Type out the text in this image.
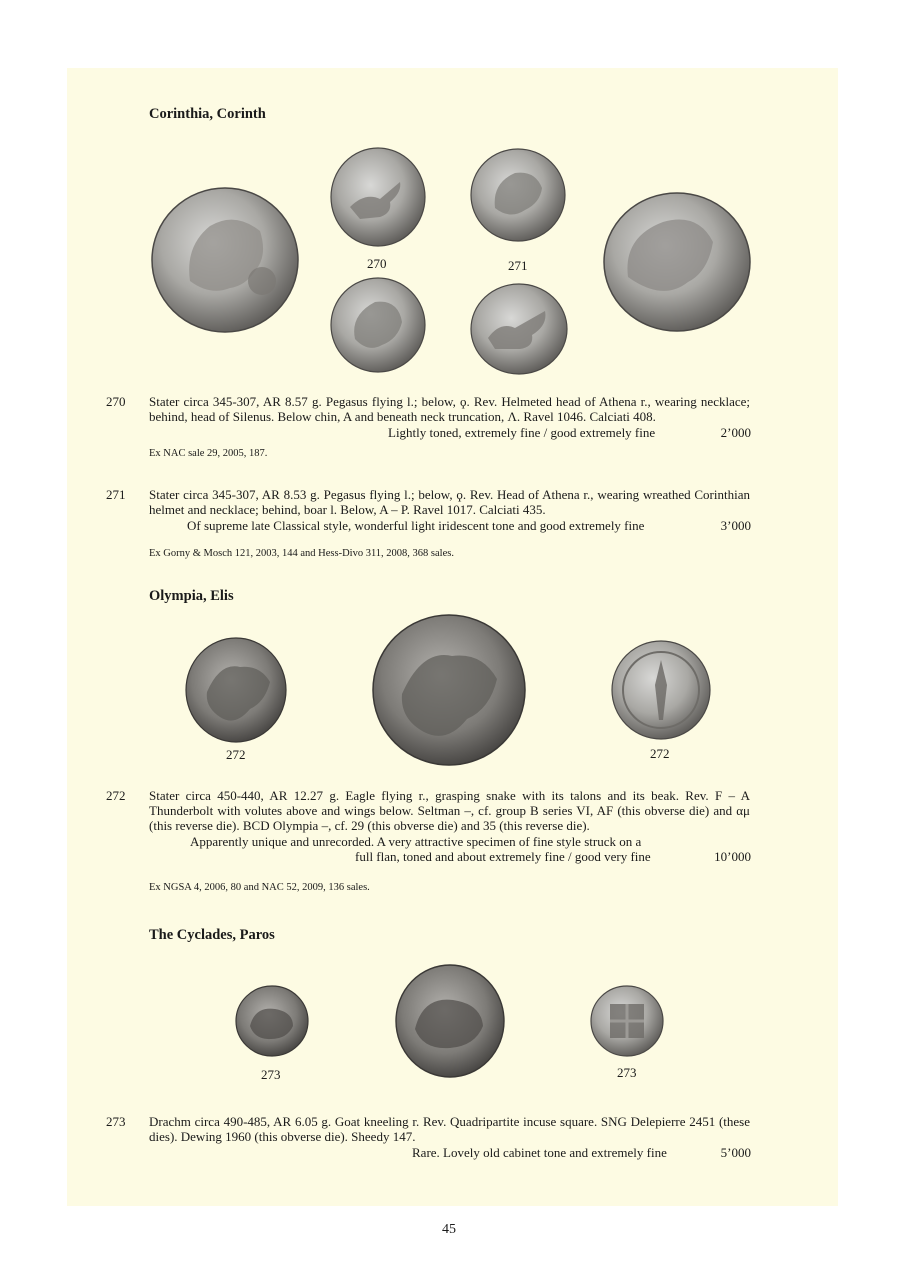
Corinthia, Corinth
270	271
270 Stater circa 345-307, AR 8.57 g. Pegasus flying l.; below, ϙ. Rev. Helmeted head of Athena r., wearing necklace; behind, head of Silenus. Below chin, A and beneath neck truncation, Λ. Ravel 1046. Calciati 408.
Lightly toned, extremely fine / good extremely fine	2’000
Ex NAC sale 29, 2005, 187.
271 Stater circa 345-307, AR 8.53 g. Pegasus flying l.; below, ϙ. Rev. Head of Athena r., wearing wreathed Corinthian helmet and necklace; behind, boar l. Below, A – P. Ravel 1017. Calciati 435.
Of supreme late Classical style, wonderful light iridescent tone and good extremely fine	3’000
Ex Gorny & Mosch 121, 2003, 144 and Hess-Divo 311, 2008, 368 sales.
Olympia, Elis
272	272
272 Stater circa 450-440, AR 12.27 g. Eagle flying r., grasping snake with its talons and its beak. Rev. F – A Thunderbolt with volutes above and wings below. Seltman –, cf. group B series VI, AF (this obverse die) and αμ (this reverse die). BCD Olympia –, cf. 29 (this obverse die) and 35 (this reverse die).
Apparently unique and unrecorded. A very attractive specimen of fine style struck on a
full flan, toned and about extremely fine / good very fine	10’000
Ex NGSA 4, 2006, 80 and NAC 52, 2009, 136 sales.
The Cyclades, Paros
273	273
273 Drachm circa 490-485, AR 6.05 g. Goat kneeling r. Rev. Quadripartite incuse square. SNG Delepierre 2451 (these dies). Dewing 1960 (this obverse die). Sheedy 147.
Rare. Lovely old cabinet tone and extremely fine	5’000
45
